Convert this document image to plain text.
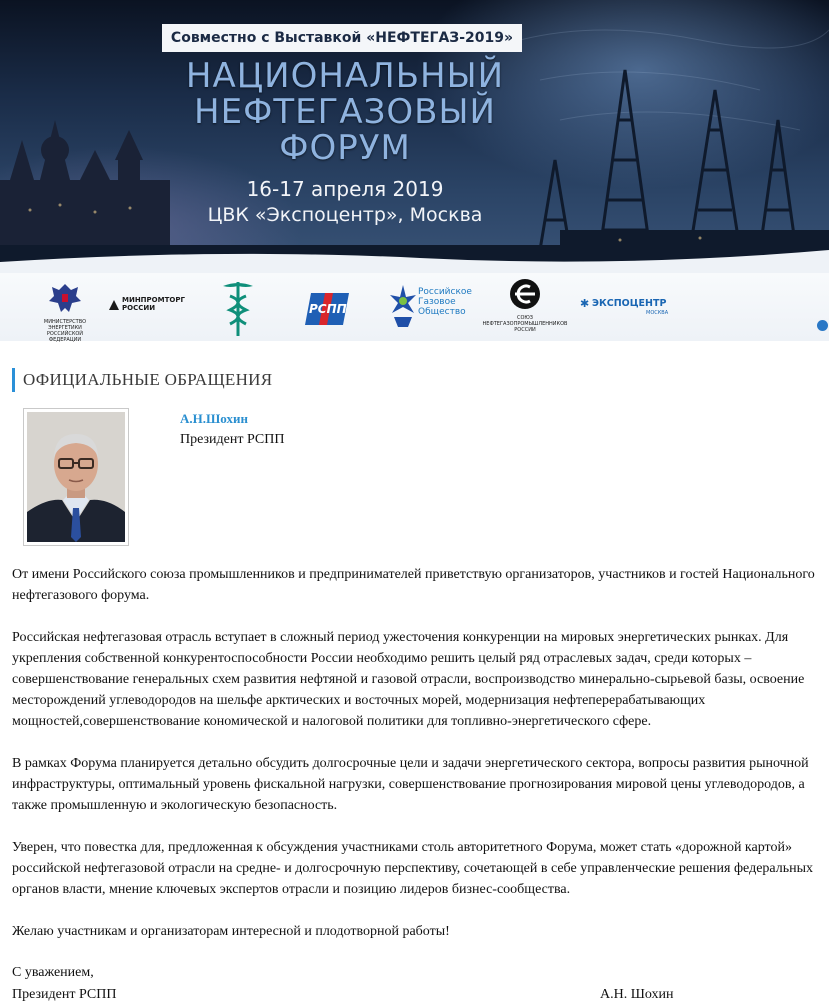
Совместно с Выставкой «НЕФТЕГАЗ-2019»
НАЦИОНАЛЬНЫЙ
НЕФТЕГАЗОВЫЙ
ФОРУМ
16-17 апреля 2019
ЦВК «Экспоцентр», Москва
МИНИСТЕРСТВО ЭНЕРГЕТИКИ РОССИЙСКОЙ ФЕДЕРАЦИИ
МИНПРОМТОРГ РОССИИ	РСПП
Российское
Газовое
Общество
СОЮЗ НЕФТЕГАЗОПРОМЫШЛЕННИКОВ РОССИИ
✱ ЭКСПОЦЕНТР
МОСКВА
ОФИЦИАЛЬНЫЕ ОБРАЩЕНИЯ
А.Н.Шохин
Президент РСПП

От имени Российского союза промышленников и предпринимателей приветствую организаторов, участников и гостей Национального нефтегазового форума.

Российская нефтегазовая отрасль вступает в сложный период ужесточения конкуренции на мировых энергетических рынках. Для укрепления собственной конкурентоспособности России необходимо решить целый ряд отраслевых задач, среди которых – совершенствование генеральных схем развития нефтяной и газовой отрасли, воспроизводство минерально-сырьевой базы, освоение месторождений углеводородов на шельфе арктических и восточных морей, модернизация нефтеперерабатывающих мощностей,совершенствование кономической и налоговой политики для топливно-энергетического сфере.

В рамках Форума планируется детально обсудить долгосрочные цели и задачи энергетического сектора, вопросы развития рыночной инфраструктуры, оптимальный уровень фискальной нагрузки, совершенствование прогнозирования мировой цены углеводородов, а также промышленную и экологическую безопасность.

Уверен, что повестка для, предложенная к обсуждения участниками столь авторитетного Форума, может стать «дорожной картой» российской нефтегазовой отрасли на средне- и долгосрочную перспективу, сочетающей в себе управленческие решения федеральных органов власти, мнение ключевых экспертов отрасли и позицию лидеров бизнес-сообщества.

Желаю участникам и организаторам интересной и плодотворной работы!

С уважением,
Президент РСПП	А.Н. Шохин
